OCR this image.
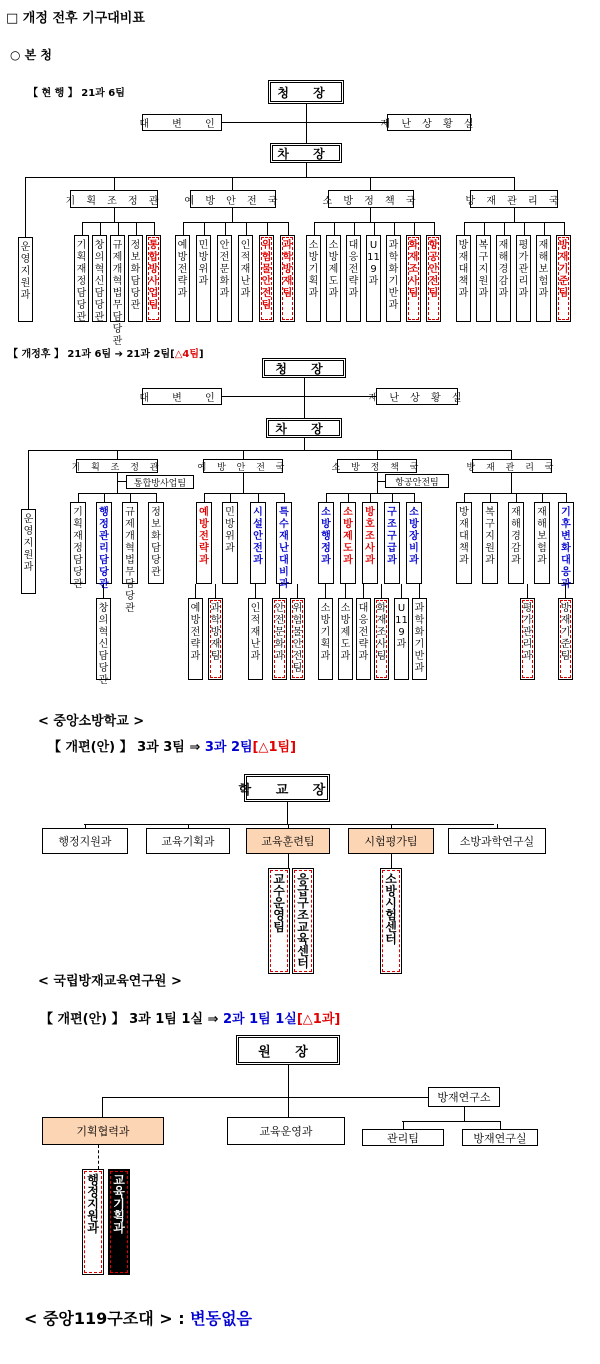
□ 개정 전후 기구대비표
○ 본 청
【 현 행 】 21과 6팀	청 장
대 변 인	재 난 상 황 실
차 장
운영지원과
기 획 조 정 관 예 방 안 전 국	소 방 정 책 국	방 재 관 리 국
기획재정담당관
창의혁신담당관
규제개혁법무담당관
정보화담당관
통합방사업팀
예방전략과
민방위과
안전문화과
인적재난과
위험물안전팀
과학방재팀
소방기획과
소방제도과
대응전략과
U119과
과학화기반과
화재조사팀
항공안전팀
방재대책과
복구지원과
재해경감과
평가관리과
재해보험과
방재기준팀
【 개정후 】 21과 6팀 ➔ 21과 2팀[△4팀]
청 장
대 변 인	재 난 상 황 실
차 장
운영지원과
기 획 조 정 관	예 방 안 전 국	소 방 정 책 국	방 재 관 리 국
통합방사업팀	항공안전팀
기획재정담당관
행정관리담당관
규제개혁법무담당관
정보화담당관
예방전략과
민방위과
시설안전과
특수재난대비과
소방행정과
소방제도과
방호조사과
구조구급과
소방장비과
방재대책과
복구지원과
재해경감과
재해보험과
기후변화대응과
창의혁신담당관
예방전략과
과학방재팀
인적재난과
안전문화과
위험물안전팀
소방기획과
소방제도과
대응전략과
화재조사팀
U119과
과학화기반과
평가관리과
방재기준팀
< 중앙소방학교 >
【 개편(안) 】 3과 3팀 ⇒ 3과 2팀[△1팀]
학 교 장
행정지원과	교육기획과	교육훈련팀	시험평가팀	소방과학연구실
교수운영팀
응급구조교육센터
소방시험센터
< 국립방재교육연구원 >
【 개편(안) 】 3과 1팀 1실 ⇒ 2과 1팀 1실[△1과]
원 장
기획협력과	교육운영과
방재연구소
관리팀	방재연구실
행정지원과
교육기획과
< 중앙119구조대 > : 변동없음
